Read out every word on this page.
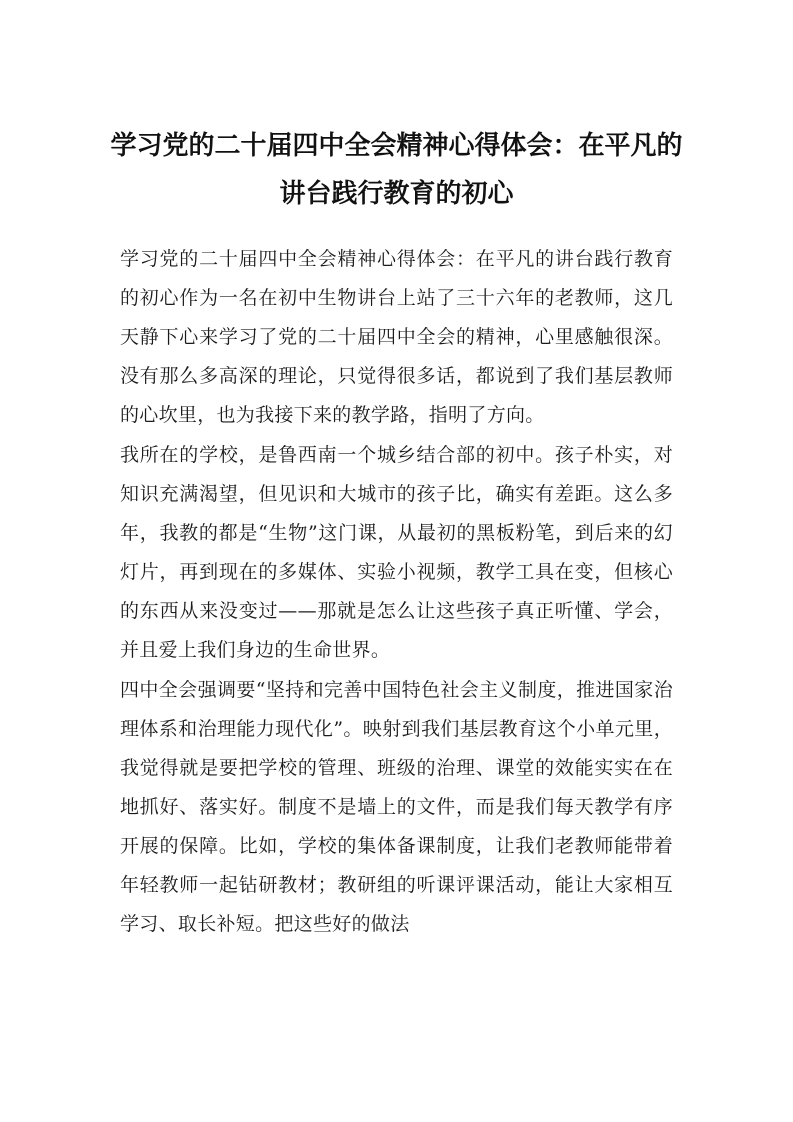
学习党的二十届四中全会精神心得体会：在平凡的讲台践行教育的初心

学习党的二十届四中全会精神心得体会：在平凡的讲台践行教育的初心作为一名在初中生物讲台上站了三十六年的老教师，这几天静下心来学习了党的二十届四中全会的精神，心里感触很深。没有那么多高深的理论，只觉得很多话，都说到了我们基层教师的心坎里，也为我接下来的教学路，指明了方向。

我所在的学校，是鲁西南一个城乡结合部的初中。孩子朴实，对知识充满渴望，但见识和大城市的孩子比，确实有差距。这么多年，我教的都是“生物”这门课，从最初的黑板粉笔，到后来的幻灯片，再到现在的多媒体、实验小视频，教学工具在变，但核心的东西从来没变过——那就是怎么让这些孩子真正听懂、学会，并且爱上我们身边的生命世界。

四中全会强调要“坚持和完善中国特色社会主义制度，推进国家治理体系和治理能力现代化”。映射到我们基层教育这个小单元里，我觉得就是要把学校的管理、班级的治理、课堂的效能实实在在地抓好、落实好。制度不是墙上的文件，而是我们每天教学有序开展的保障。比如，学校的集体备课制度，让我们老教师能带着年轻教师一起钻研教材；教研组的听课评课活动，能让大家相互学习、取长补短。把这些好的做法
